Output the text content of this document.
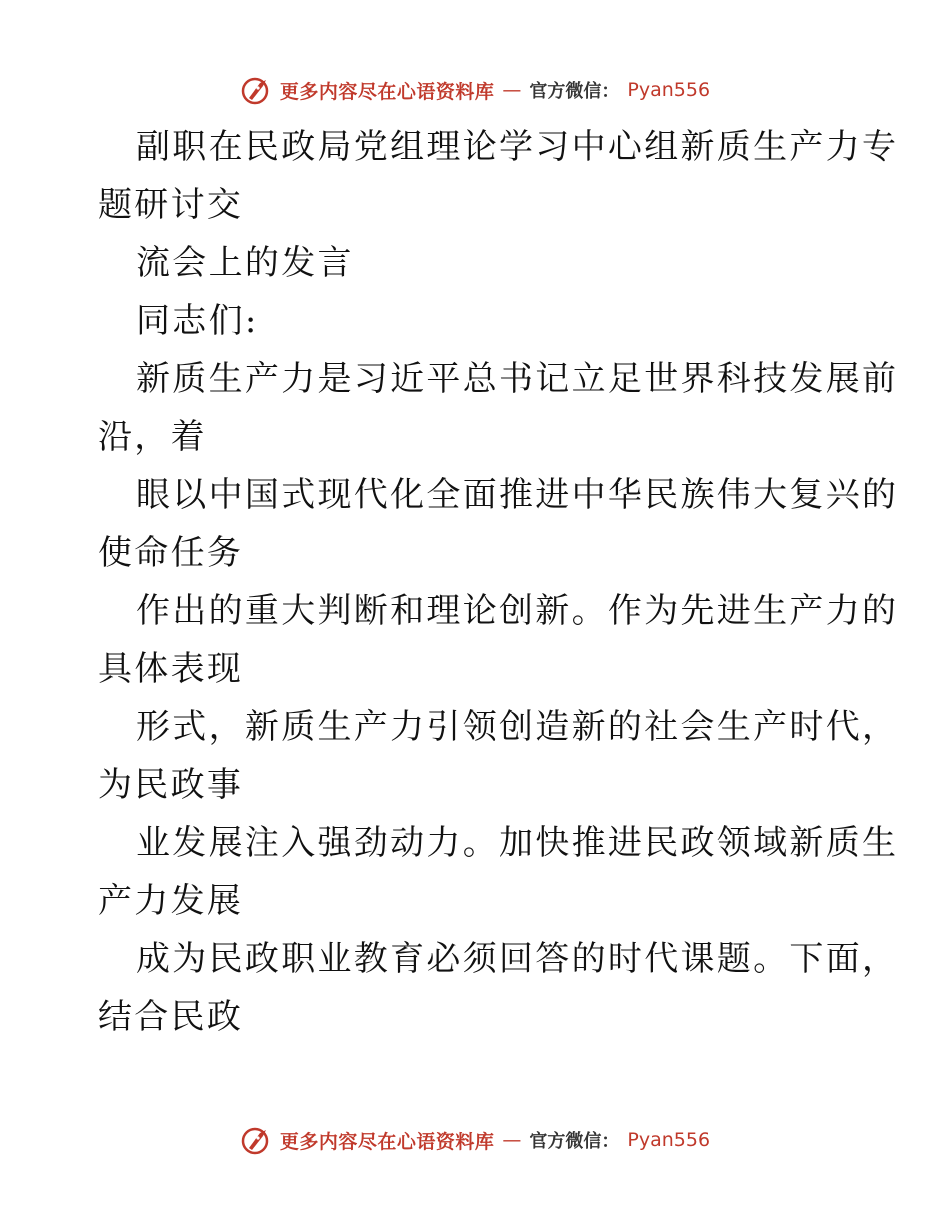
更多内容尽在心语资料库 — 官方微信： Pyan556
副职在民政局党组理论学习中心组新质生产力专
题研讨交
流会上的发言
同志们:
新质生产力是习近平总书记立足世界科技发展前
沿，着
眼以中国式现代化全面推进中华民族伟大复兴的
使命任务
作出的重大判断和理论创新。作为先进生产力的
具体表现
形式，新质生产力引领创造新的社会生产时代，
为民政事
业发展注入强劲动力。加快推进民政领域新质生
产力发展
成为民政职业教育必须回答的时代课题。下面，
结合民政
更多内容尽在心语资料库 — 官方微信： Pyan556
